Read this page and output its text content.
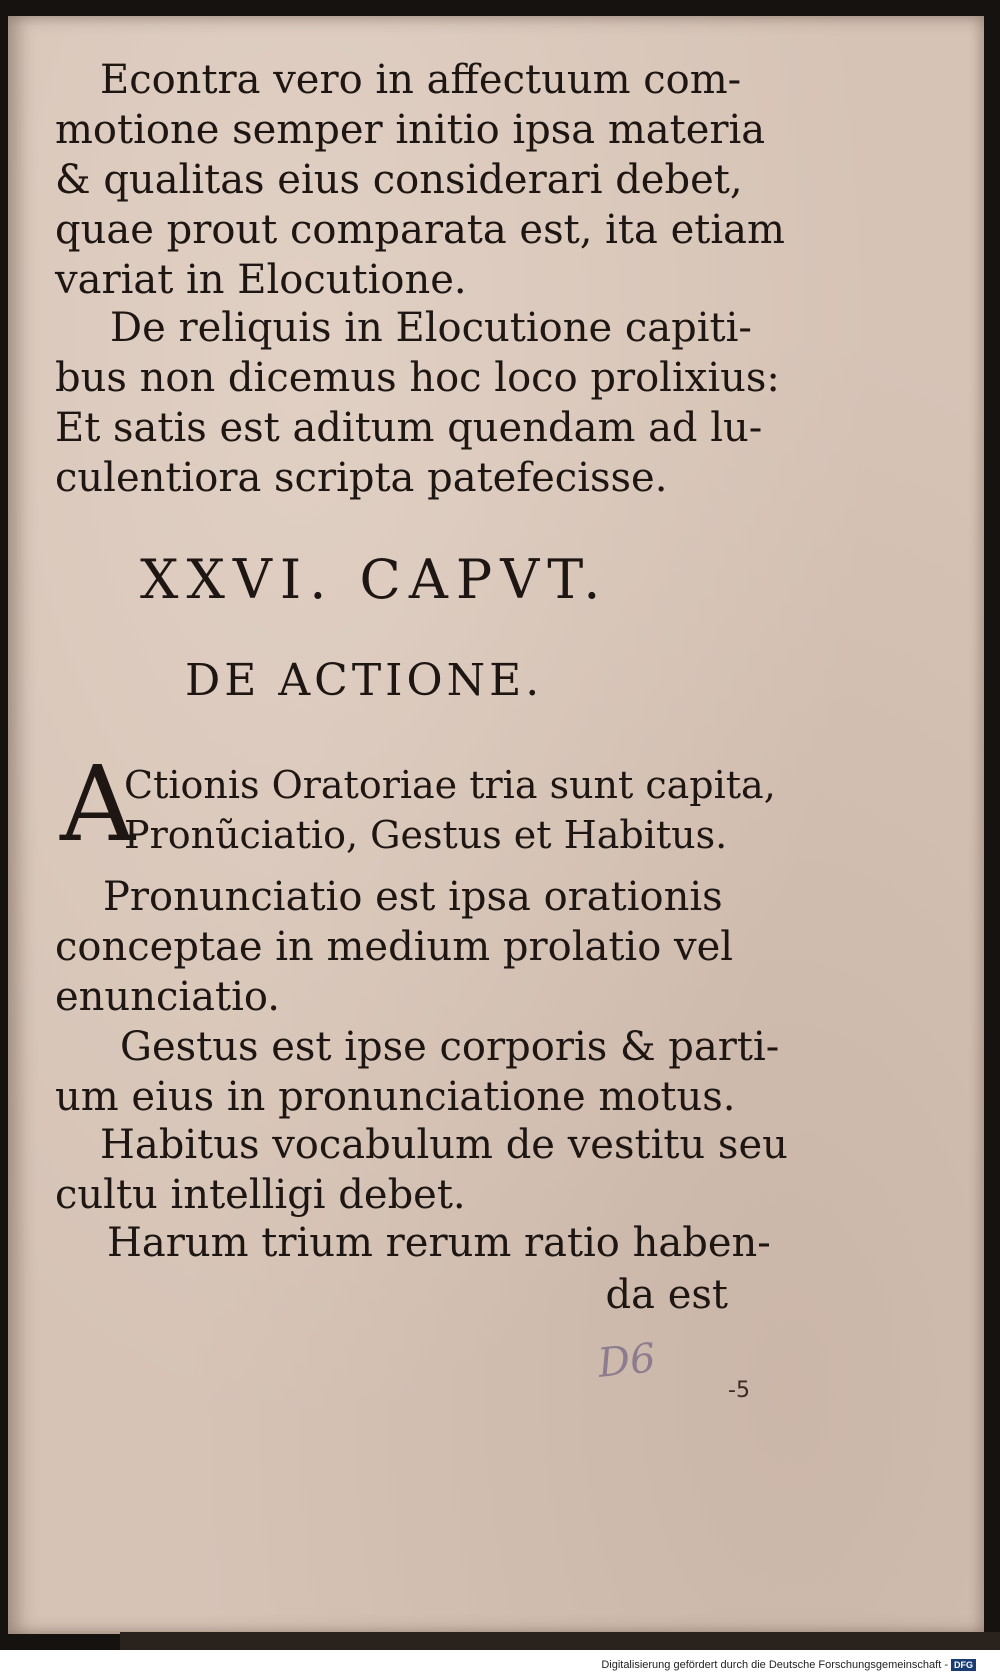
Econtra vero in affectuum com-
motione semper initio ipsa materia
& qualitas eius considerari debet,
quae prout comparata est, ita etiam
variat in Elocutione.
De reliquis in Elocutione capiti-
bus non dicemus hoc loco prolixius:
Et satis est aditum quendam ad lu-
culentiora scripta patefecisse.
XXVI. CAPVT.
DE ACTIONE.
A
Ctionis Oratoriae tria sunt capita,
Pronũciatio, Gestus et Habitus.
Pronunciatio est ipsa orationis
conceptae in medium prolatio vel
enunciatio.
Gestus est ipse corporis & parti-
um eius in pronunciatione motus.
Habitus vocabulum de vestitu seu
cultu intelligi debet.
Harum trium rerum ratio haben-
da est
D6
-5
Digitalisierung gefördert durch die Deutsche Forschungsgemeinschaft - DFG
